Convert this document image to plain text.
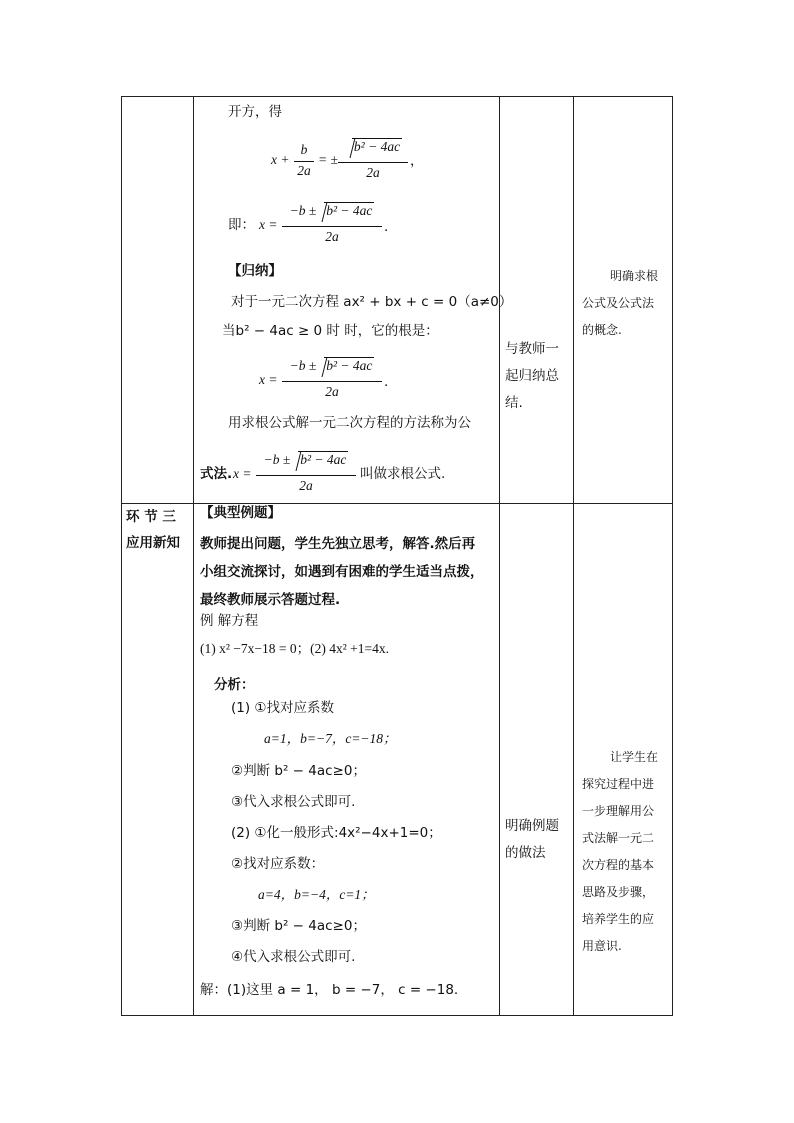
开方，得
x +
b
2a
= ±
b² − 4ac
2a
，
即： x =
−b ± b² − 4ac
2a
.
【归纳】
对于一元二次方程 ax² + bx + c = 0（a≠0）
当b² − 4ac ≥ 0 时 时，它的根是：
x =
−b ± b² − 4ac
2a
.
用求根公式解一元二次方程的方法称为公
式法. x =
−b ± b² − 4ac
2a
叫做求根公式.
与教师一
起归纳总
结.
明确求根
公式及公式法
的概念.
环 节 三
应用新知
【典型例题】
教师提出问题，学生先独立思考，解答.然后再
小组交流探讨，如遇到有困难的学生适当点拨，
最终教师展示答题过程.
例 解方程
(1) x² −7x−18 = 0；(2) 4x² +1=4x.
分析：
(1) ①找对应系数
a=1，b=−7，c=−18；
②判断 b² − 4ac≥0；
③代入求根公式即可.
(2) ①化一般形式:4x²−4x+1=0；
②找对应系数：
a=4，b=−4，c=1；
③判断 b² − 4ac≥0；
④代入求根公式即可.
解：(1)这里 a = 1， b = −7， c = −18.
明确例题
的做法
让学生在
探究过程中进
一步理解用公
式法解一元二
次方程的基本
思路及步骤，
培养学生的应
用意识.
